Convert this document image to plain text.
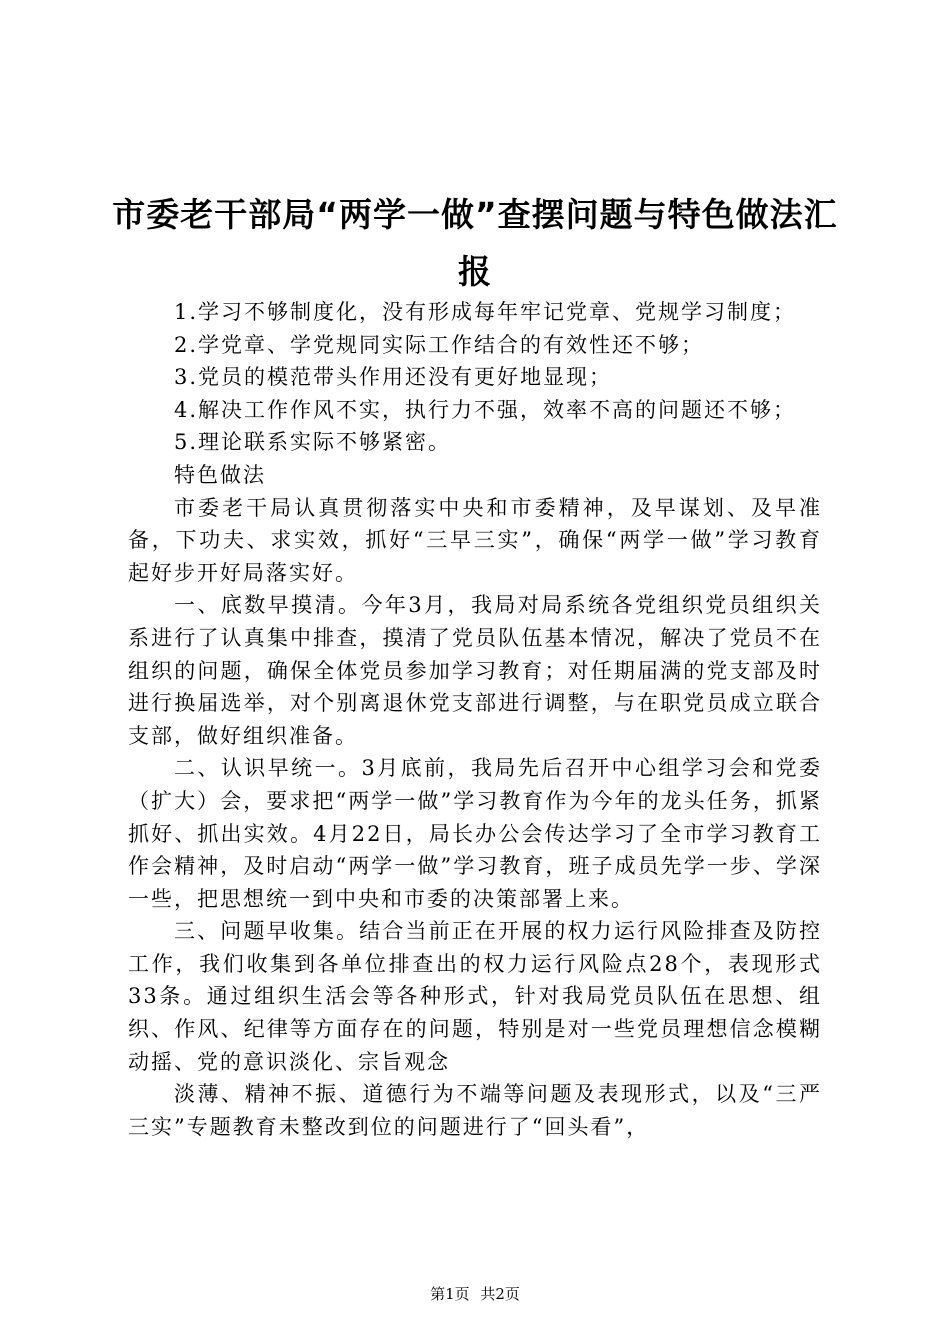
市委老干部局“两学一做”查摆问题与特色做法汇报

1.学习不够制度化，没有形成每年牢记党章、党规学习制度；

2.学党章、学党规同实际工作结合的有效性还不够；

3.党员的模范带头作用还没有更好地显现；

4.解决工作作风不实，执行力不强，效率不高的问题还不够；

5.理论联系实际不够紧密。

特色做法

市委老干局认真贯彻落实中央和市委精神，及早谋划、及早准备，下功夫、求实效，抓好“三早三实”，确保“两学一做”学习教育起好步开好局落实好。

一、底数早摸清。今年3月，我局对局系统各党组织党员组织关系进行了认真集中排查，摸清了党员队伍基本情况，解决了党员不在组织的问题，确保全体党员参加学习教育；对任期届满的党支部及时进行换届选举，对个别离退休党支部进行调整，与在职党员成立联合支部，做好组织准备。

二、认识早统一。3月底前，我局先后召开中心组学习会和党委（扩大）会，要求把“两学一做”学习教育作为今年的龙头任务，抓紧抓好、抓出实效。4月22日，局长办公会传达学习了全市学习教育工作会精神，及时启动“两学一做”学习教育，班子成员先学一步、学深一些，把思想统一到中央和市委的决策部署上来。

三、问题早收集。结合当前正在开展的权力运行风险排查及防控工作，我们收集到各单位排查出的权力运行风险点28个，表现形式33条。通过组织生活会等各种形式，针对我局党员队伍在思想、组织、作风、纪律等方面存在的问题，特别是对一些党员理想信念模糊动摇、党的意识淡化、宗旨观念

淡薄、精神不振、道德行为不端等问题及表现形式，以及“三严三实”专题教育未整改到位的问题进行了“回头看”，

第1页 共2页
